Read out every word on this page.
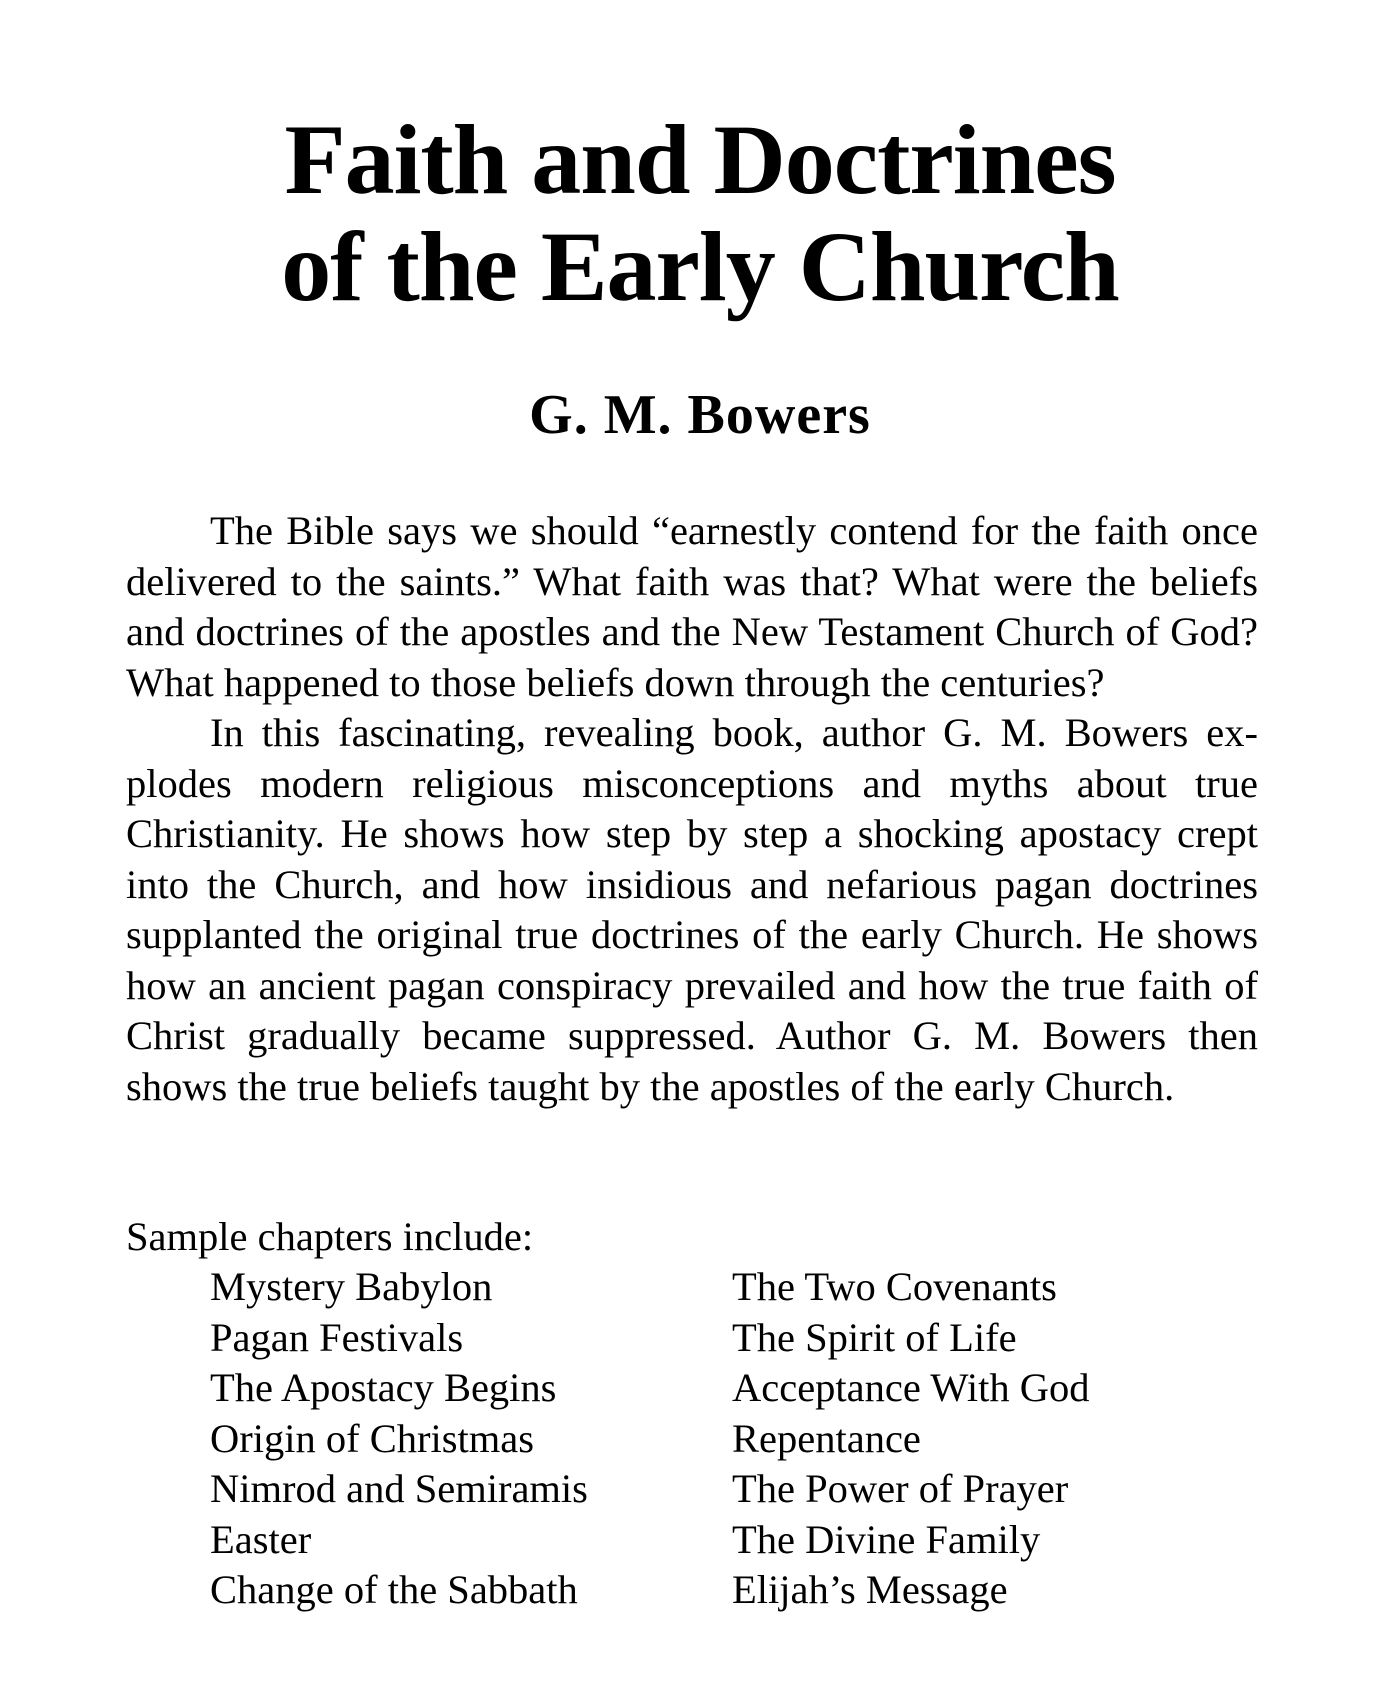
Faith and Doctrines
of the Early Church
G. M. Bowers

The Bible says we should “earnestly contend for the faith once delivered to the saints.” What faith was that? What were the beliefs and doctrines of the apostles and the New Testament Church of God? What happened to those beliefs down through the centuries?

In this fascinating, revealing book, author G. M. Bowers explodes modern religious misconceptions and myths about true Christianity. He shows how step by step a shocking apostacy crept into the Church, and how insidious and nefarious pagan doctrines supplanted the original true doctrines of the early Church. He shows how an ancient pagan conspiracy prevailed and how the true faith of Christ gradually became suppressed. Author G. M. Bowers then shows the true beliefs taught by the apostles of the early Church.

Sample chapters include:
Mystery Babylon
Pagan Festivals
The Apostacy Begins
Origin of Christmas
Nimrod and Semiramis
Easter
Change of the Sabbath
The Two Covenants
The Spirit of Life
Acceptance With God
Repentance
The Power of Prayer
The Divine Family
Elijah’s Message
